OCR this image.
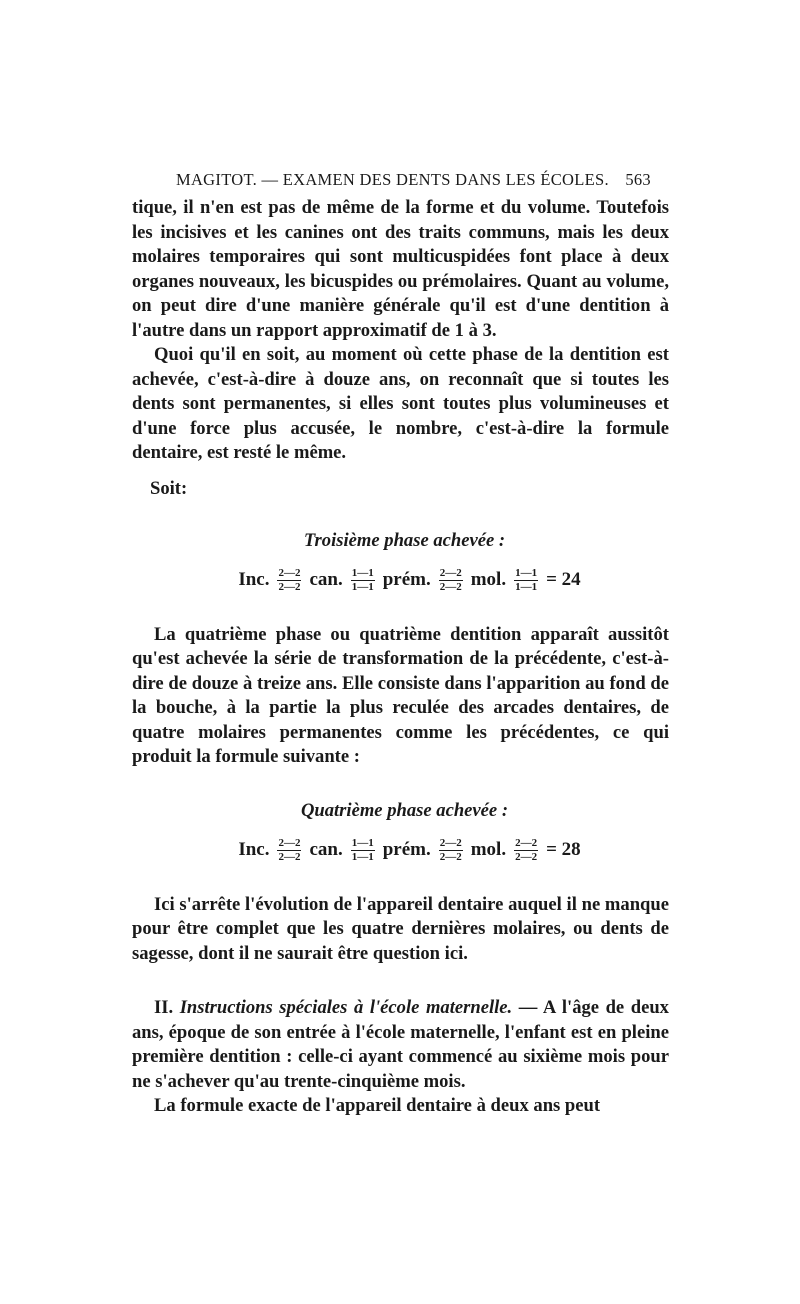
MAGITOT. — EXAMEN DES DENTS DANS LES ÉCOLES. 563

tique, il n'en est pas de même de la forme et du volume. Toutefois les incisives et les canines ont des traits communs, mais les deux molaires temporaires qui sont multicuspidées font place à deux organes nouveaux, les bicuspides ou prémolaires. Quant au volume, on peut dire d'une manière générale qu'il est d'une dentition à l'autre dans un rapport approximatif de 1 à 3.

Quoi qu'il en soit, au moment où cette phase de la dentition est achevée, c'est-à-dire à douze ans, on reconnaît que si toutes les dents sont permanentes, si elles sont toutes plus volumineuses et d'une force plus accusée, le nombre, c'est-à-dire la formule dentaire, est resté le même.

Soit:
Troisième phase achevée :
Inc. $\frac{2—2}{2—2}$ can. $\frac{1—1}{1—1}$ prém. $\frac{2—2}{2—2}$ mol. $\frac{1—1}{1—1} = 24$

La quatrième phase ou quatrième dentition apparaît aussitôt qu'est achevée la série de transformation de la précédente, c'est-à-dire de douze à treize ans. Elle consiste dans l'apparition au fond de la bouche, à la partie la plus reculée des arcades dentaires, de quatre molaires permanentes comme les précédentes, ce qui produit la formule suivante :

Quatrième phase achevée :
Inc. $\frac{2—2}{2—2}$ can. $\frac{1—1}{1—1}$ prém. $\frac{2—2}{2—2}$ mol. $\frac{2—2}{2—2} = 28$

Ici s'arrête l'évolution de l'appareil dentaire auquel il ne manque pour être complet que les quatre dernières molaires, ou dents de sagesse, dont il ne saurait être question ici.

II. Instructions spéciales à l'école maternelle. — A l'âge de deux ans, époque de son entrée à l'école maternelle, l'enfant est en pleine première dentition : celle-ci ayant commencé au sixième mois pour ne s'achever qu'au trente-cinquième mois.

La formule exacte de l'appareil dentaire à deux ans peut
